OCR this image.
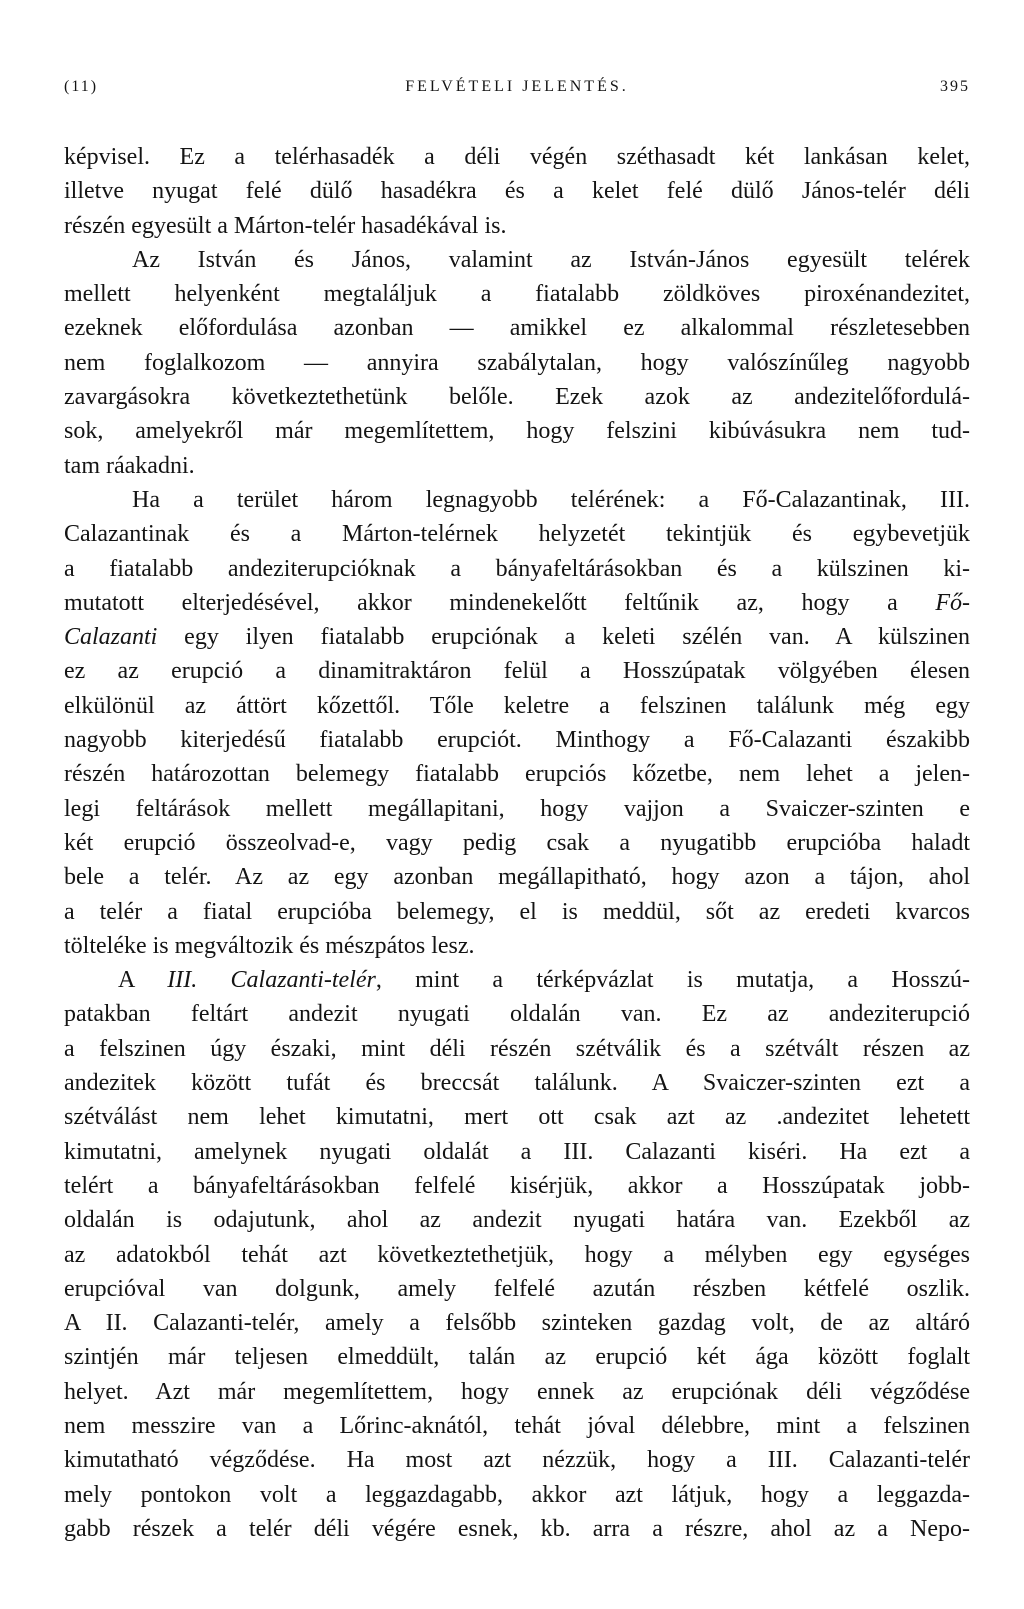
(11)	FELVÉTELI JELENTÉS.	395
képvisel. Ez a telérhasadék a déli végén széthasadt két lankásan kelet,
illetve nyugat felé dülő hasadékra és a kelet felé dülő János-telér déli
részén egyesült a Márton-telér hasadékával is.
Az István és János, valamint az István-János egyesült telérek
mellett helyenként megtaláljuk a fiatalabb zöldköves piroxénandezitet,
ezeknek előfordulása azonban — amikkel ez alkalommal részletesebben
nem foglalkozom — annyira szabálytalan, hogy valószínűleg nagyobb
zavargásokra következtethetünk belőle. Ezek azok az andezitelőfordulá-
sok, amelyekről már megemlítettem, hogy felszini kibúvásukra nem tud-
tam ráakadni.
Ha a terület három legnagyobb telérének: a Fő-Calazantinak, III.
Calazantinak és a Márton-telérnek helyzetét tekintjük és egybevetjük
a fiatalabb andeziterupcióknak a bányafeltárásokban és a külszinen ki-
mutatott elterjedésével, akkor mindenekelőtt feltűnik az, hogy a Fő-
Calazanti egy ilyen fiatalabb erupciónak a keleti szélén van. A külszinen
ez az erupció a dinamitraktáron felül a Hosszúpatak völgyében élesen
elkülönül az áttört kőzettől. Tőle keletre a felszinen találunk még egy
nagyobb kiterjedésű fiatalabb erupciót. Minthogy a Fő-Calazanti északibb
részén határozottan belemegy fiatalabb erupciós kőzetbe, nem lehet a jelen-
legi feltárások mellett megállapitani, hogy vajjon a Svaiczer-szinten e
két erupció összeolvad-e, vagy pedig csak a nyugatibb erupcióba haladt
bele a telér. Az az egy azonban megállapitható, hogy azon a tájon, ahol
a telér a fiatal erupcióba belemegy, el is meddül, sőt az eredeti kvarcos
tölteléke is megváltozik és mészpátos lesz.
A III. Calazanti-telér, mint a térképvázlat is mutatja, a Hosszú-
patakban feltárt andezit nyugati oldalán van. Ez az andeziterupció
a felszinen úgy északi, mint déli részén szétválik és a szétvált részen az
andezitek között tufát és breccsát találunk. A Svaiczer-szinten ezt a
szétválást nem lehet kimutatni, mert ott csak azt az .andezitet lehetett
kimutatni, amelynek nyugati oldalát a III. Calazanti kiséri. Ha ezt a
telért a bányafeltárásokban felfelé kisérjük, akkor a Hosszúpatak jobb-
oldalán is odajutunk, ahol az andezit nyugati határa van. Ezekből az
az adatokból tehát azt következtethetjük, hogy a mélyben egy egységes
erupcióval van dolgunk, amely felfelé azután részben kétfelé oszlik.
A II. Calazanti-telér, amely a felsőbb szinteken gazdag volt, de az altáró
szintjén már teljesen elmeddült, talán az erupció két ága között foglalt
helyet. Azt már megemlítettem, hogy ennek az erupciónak déli végződése
nem messzire van a Lőrinc-aknától, tehát jóval délebbre, mint a felszinen
kimutatható végződése. Ha most azt nézzük, hogy a III. Calazanti-telér
mely pontokon volt a leggazdagabb, akkor azt látjuk, hogy a leggazda-
gabb részek a telér déli végére esnek, kb. arra a részre, ahol az a Nepo-
